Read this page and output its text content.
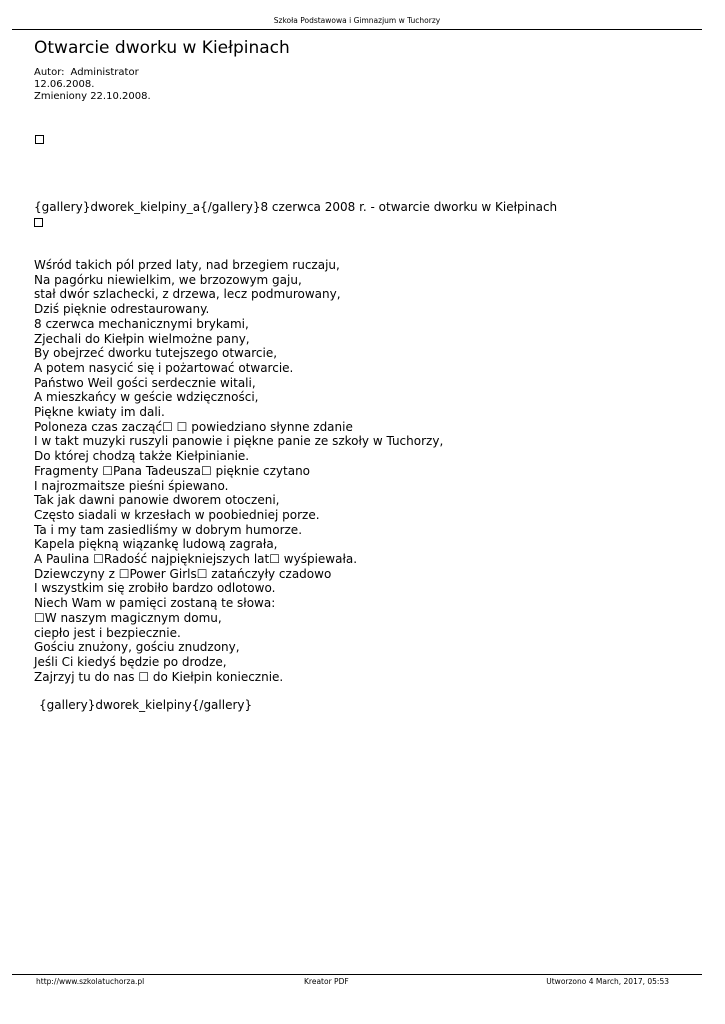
Szkoła Podstawowa i Gimnazjum w Tuchorzy
Otwarcie dworku w Kiełpinach
Autor: Administrator
12.06.2008.
Zmieniony 22.10.2008.
{gallery}dworek_kielpiny_a{/gallery}8 czerwca 2008 r. - otwarcie dworku w Kiełpinach

Wśród takich pól przed laty, nad brzegiem ruczaju,
Na pagórku niewielkim, we brzozowym gaju,
stał dwór szlachecki, z drzewa, lecz podmurowany,
Dziś pięknie odrestaurowany.
8 czerwca mechanicznymi brykami,
Zjechali do Kiełpin wielmożne pany,
By obejrzeć dworku tutejszego otwarcie,
A potem nasycić się i pożartować otwarcie.
Państwo Weil gości serdecznie witali,
A mieszkańcy w geście wdzięczności,
Piękne kwiaty im dali.
Poloneza czas zacząć☐ ☐ powiedziano słynne zdanie
I w takt muzyki ruszyli panowie i piękne panie ze szkoły w Tuchorzy,
Do której chodzą także Kiełpinianie.
Fragmenty ☐Pana Tadeusza☐ pięknie czytano
I najrozmaitsze pieśni śpiewano.
Tak jak dawni panowie dworem otoczeni,
Często siadali w krzesłach w poobiedniej porze.
Ta i my tam zasiedliśmy w dobrym humorze.
Kapela piękną wiązankę ludową zagrała,
A Paulina ☐Radość najpiękniejszych lat☐ wyśpiewała.
Dziewczyny z ☐Power Girls☐ zatańczyły czadowo
I wszystkim się zrobiło bardzo odlotowo.
Niech Wam w pamięci zostaną te słowa:
☐W naszym magicznym domu,
ciepło jest i bezpiecznie.
Gościu znużony, gościu znudzony,
Jeśli Ci kiedyś będzie po drodze,
Zajrzyj tu do nas ☐ do Kiełpin koniecznie.
{gallery}dworek_kielpiny{/gallery}
http://www.szkolatuchorza.pl	Kreator PDF	Utworzono 4 March, 2017, 05:53
